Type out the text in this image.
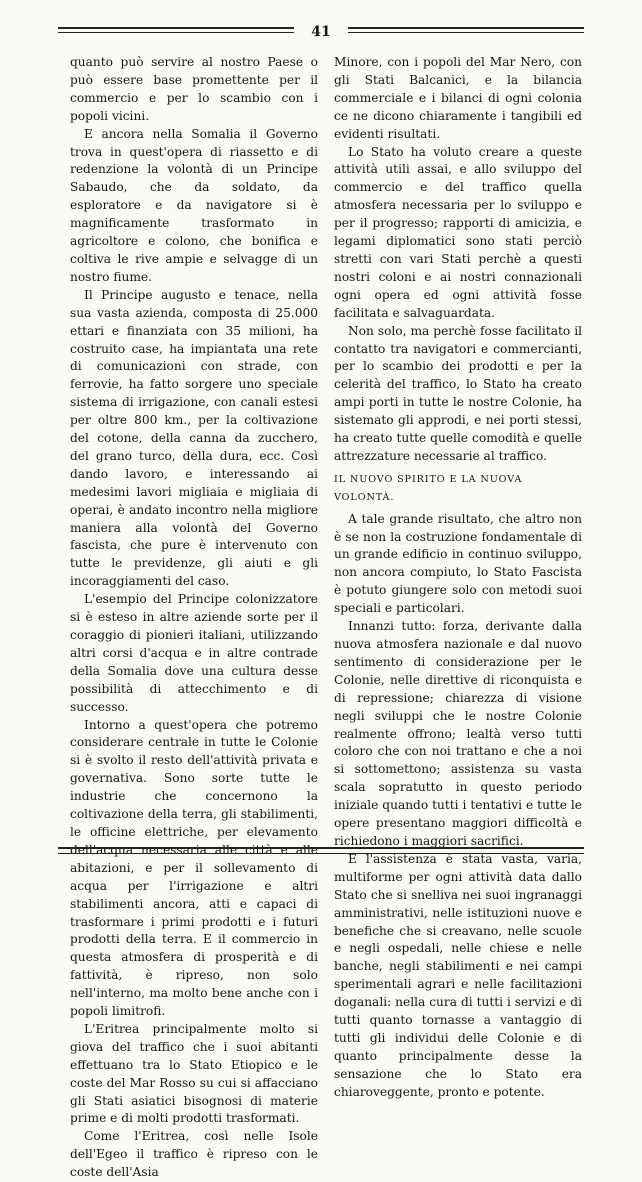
41

quanto può servire al nostro Paese o può essere base promettente per il commercio e per lo scambio con i popoli vicini.

E ancora nella Somalia il Governo trova in quest'opera di riassetto e di redenzione la volontà di un Principe Sabaudo, che da soldato, da esploratore e da navigatore si è magnificamente trasformato in agricoltore e colono, che bonifica e coltiva le rive ampie e selvagge di un nostro fiume.

Il Principe augusto e tenace, nella sua vasta azienda, composta di 25.000 ettari e finanziata con 35 milioni, ha costruito case, ha impiantata una rete di comunicazioni con strade, con ferrovie, ha fatto sorgere uno speciale sistema di irrigazione, con canali estesi per oltre 800 km., per la coltivazione del cotone, della canna da zucchero, del grano turco, della dura, ecc. Così dando lavoro, e interessando ai medesimi lavori migliaia e migliaia di operai, è andato incontro nella migliore maniera alla volontà del Governo fascista, che pure è intervenuto con tutte le previdenze, gli aiuti e gli incoraggiamenti del caso.

L'esempio del Principe colonizzatore si è esteso in altre aziende sorte per il coraggio di pionieri italiani, utilizzando altri corsi d'acqua e in altre contrade della Somalia dove una cultura desse possibilità di attecchimento e di successo.

Intorno a quest'opera che potremo considerare centrale in tutte le Colonie si è svolto il resto dell'attività privata e governativa. Sono sorte tutte le industrie che concernono la coltivazione della terra, gli stabilimenti, le officine elettriche, per elevamento dell'acqua necessaria alle città e alle abitazioni, e per il sollevamento di acqua per l'irrigazione e altri stabilimenti ancora, atti e capaci di trasformare i primi prodotti e i futuri prodotti della terra. E il commercio in questa atmosfera di prosperità e di fattività, è ripreso, non solo nell'interno, ma molto bene anche con i popoli limitrofi.

L'Eritrea principalmente molto si giova del traffico che i suoi abitanti effettuano tra lo Stato Etiopico e le coste del Mar Rosso su cui si affacciano gli Stati asiatici bisognosi di materie prime e di molti prodotti trasformati.

Come l'Eritrea, così nelle Isole dell'Egeo il traffico è ripreso con le coste dell'Asia

Minore, con i popoli del Mar Nero, con gli Stati Balcanici, e la bilancia commerciale e i bilanci di ogni colonia ce ne dicono chiaramente i tangibili ed evidenti risultati.

Lo Stato ha voluto creare a queste attività utili assai, e allo sviluppo del commercio e del traffico quella atmosfera necessaria per lo sviluppo e per il progresso; rapporti di amicizia, e legami diplomatici sono stati perciò stretti con vari Stati perchè a questi nostri coloni e ai nostri connazionali ogni opera ed ogni attività fosse facilitata e salvaguardata.

Non solo, ma perchè fosse facilitato il contatto tra navigatori e commercianti, per lo scambio dei prodotti e per la celerità del traffico, lo Stato ha creato ampi porti in tutte le nostre Colonie, ha sistemato gli approdi, e nei porti stessi, ha creato tutte quelle comodità e quelle attrezzature necessarie al traffico.

IL NUOVO SPIRITO E LA NUOVA VOLONTÀ.

A tale grande risultato, che altro non è se non la costruzione fondamentale di un grande edificio in continuo sviluppo, non ancora compiuto, lo Stato Fascista è potuto giungere solo con metodi suoi speciali e particolari.

Innanzi tutto: forza, derivante dalla nuova atmosfera nazionale e dal nuovo sentimento di considerazione per le Colonie, nelle direttive di riconquista e di repressione; chiarezza di visione negli sviluppi che le nostre Colonie realmente offrono; lealtà verso tutti coloro che con noi trattano e che a noi si sottomettono; assistenza su vasta scala sopratutto in questo periodo iniziale quando tutti i tentativi e tutte le opere presentano maggiori difficoltà e richiedono i maggiori sacrifici.

E l'assistenza è stata vasta, varia, multiforme per ogni attività data dallo Stato che si snelliva nei suoi ingranaggi amministrativi, nelle istituzioni nuove e benefiche che si creavano, nelle scuole e negli ospedali, nelle chiese e nelle banche, negli stabilimenti e nei campi sperimentali agrari e nelle facilitazioni doganali: nella cura di tutti i servizi e di tutti quanto tornasse a vantaggio di tutti gli individui delle Colonie e di quanto principalmente desse la sensazione che lo Stato era chiaroveggente, pronto e potente.
